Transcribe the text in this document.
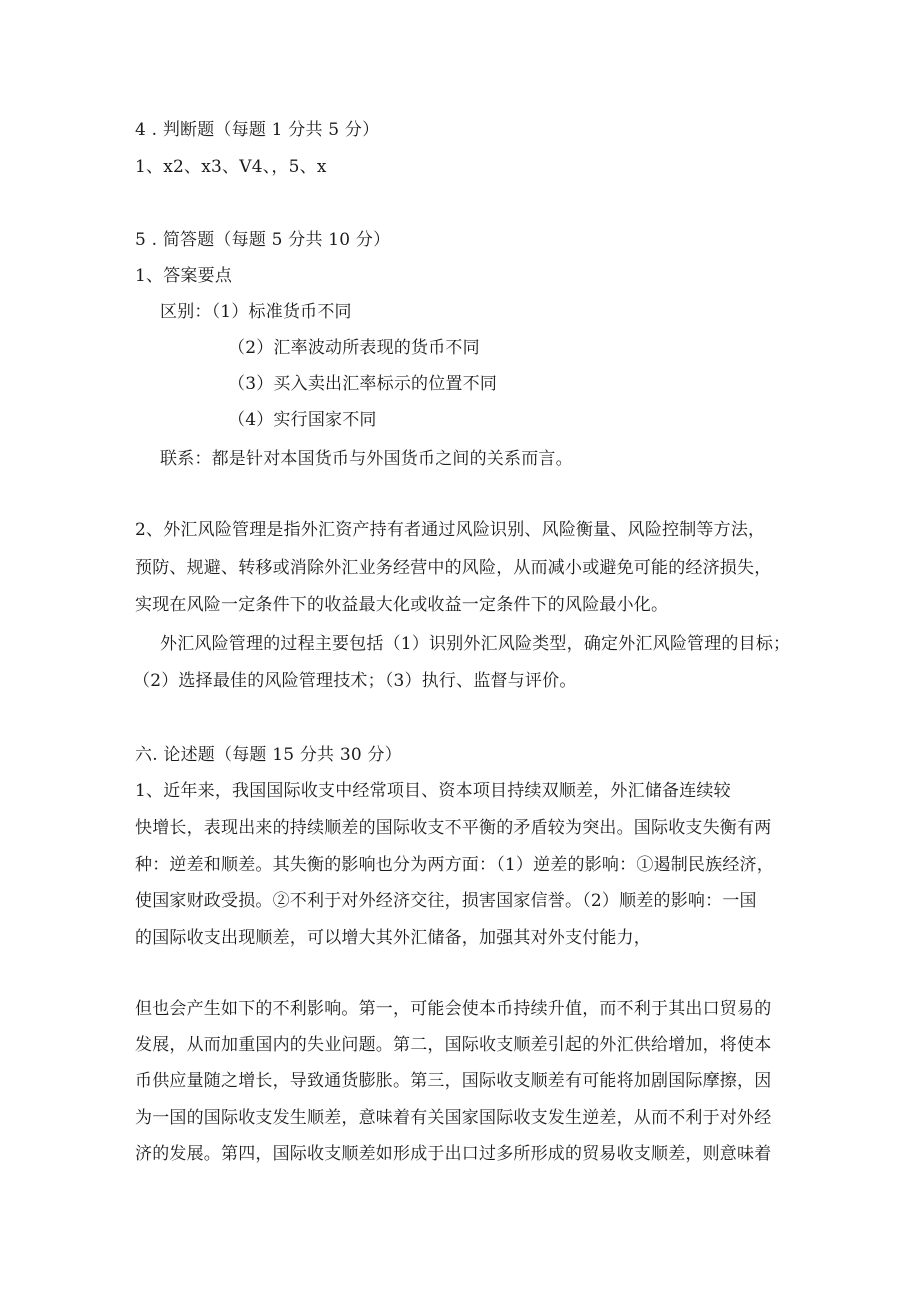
4 . 判断题（每题 1 分共 5 分）
1、x2、x3、V4、，5、x
5 . 简答题（每题 5 分共 10 分）
1、答案要点
区别：（1）标准货币不同
（2）汇率波动所表现的货币不同
（3）买入卖出汇率标示的位置不同
（4）实行国家不同
联系：都是针对本国货币与外国货币之间的关系而言。
2、外汇风险管理是指外汇资产持有者通过风险识别、风险衡量、风险控制等方法，
预防、规避、转移或消除外汇业务经营中的风险，从而减小或避免可能的经济损失，
实现在风险一定条件下的收益最大化或收益一定条件下的风险最小化。
外汇风险管理的过程主要包括（1）识别外汇风险类型，确定外汇风险管理的目标；
（2）选择最佳的风险管理技术；（3）执行、监督与评价。
六. 论述题（每题 15 分共 30 分）
1、近年来，我国国际收支中经常项目、资本项目持续双顺差，外汇储备连续较
快增长，表现出来的持续顺差的国际收支不平衡的矛盾较为突出。国际收支失衡有两
种：逆差和顺差。其失衡的影响也分为两方面：（1）逆差的影响：①遏制民族经济，
使国家财政受损。②不利于对外经济交往，损害国家信誉。（2）顺差的影响：一国
的国际收支出现顺差，可以增大其外汇储备，加强其对外支付能力，
但也会产生如下的不利影响。第一，可能会使本币持续升值，而不利于其出口贸易的
发展，从而加重国内的失业问题。第二，国际收支顺差引起的外汇供给增加，将使本
币供应量随之增长，导致通货膨胀。第三，国际收支顺差有可能将加剧国际摩擦，因
为一国的国际收支发生顺差，意味着有关国家国际收支发生逆差，从而不利于对外经
济的发展。第四，国际收支顺差如形成于出口过多所形成的贸易收支顺差，则意味着
